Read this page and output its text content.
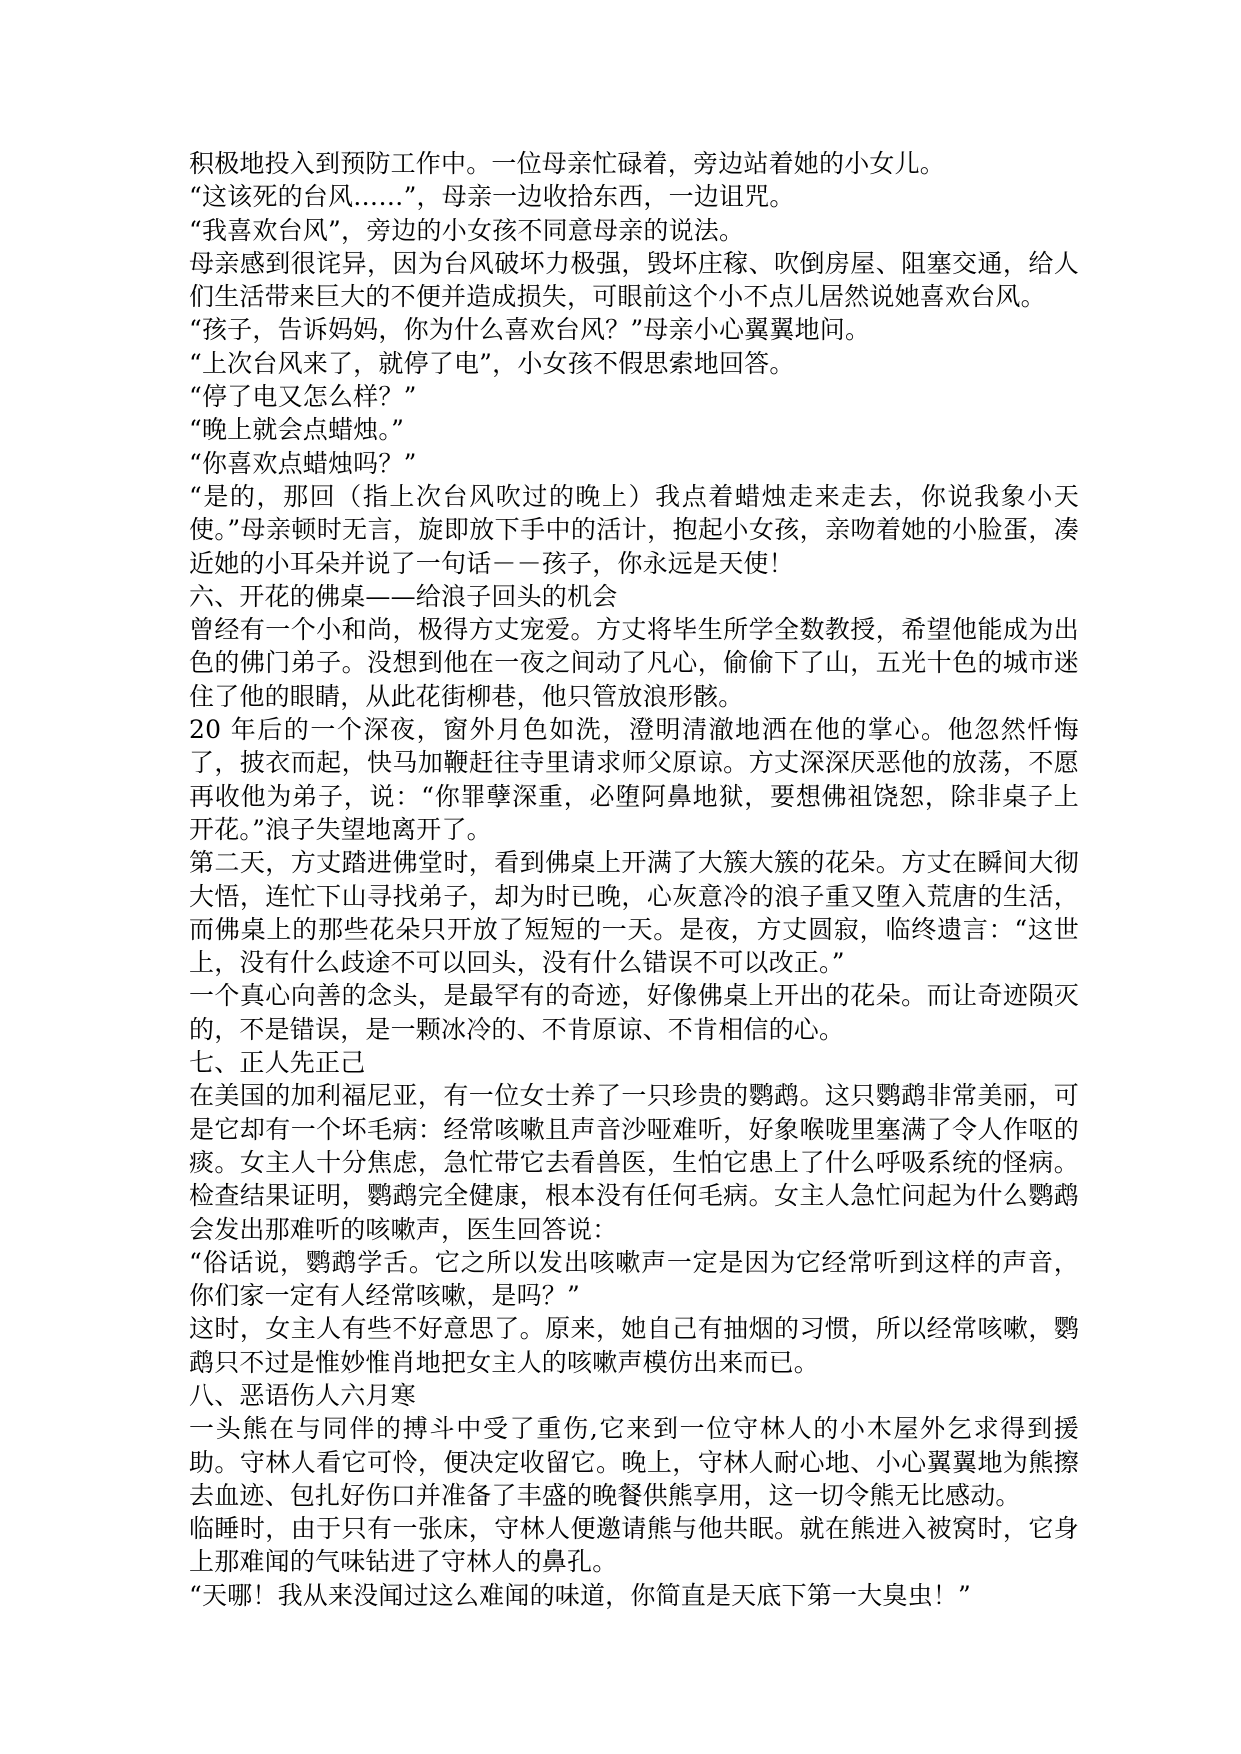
积极地投入到预防工作中。一位母亲忙碌着，旁边站着她的小女儿。

“这该死的台风……”，母亲一边收拾东西，一边诅咒。

“我喜欢台风”，旁边的小女孩不同意母亲的说法。

母亲感到很诧异，因为台风破坏力极强，毁坏庄稼、吹倒房屋、阻塞交通，给人们生活带来巨大的不便并造成损失，可眼前这个小不点儿居然说她喜欢台风。

“孩子，告诉妈妈，你为什么喜欢台风？”母亲小心翼翼地问。

“上次台风来了，就停了电”，小女孩不假思索地回答。

“停了电又怎么样？”

“晚上就会点蜡烛。”

“你喜欢点蜡烛吗？”

“是的，那回（指上次台风吹过的晚上）我点着蜡烛走来走去，你说我象小天使。”母亲顿时无言，旋即放下手中的活计，抱起小女孩，亲吻着她的小脸蛋，凑近她的小耳朵并说了一句话－－孩子，你永远是天使！

六、开花的佛桌——给浪子回头的机会

曾经有一个小和尚，极得方丈宠爱。方丈将毕生所学全数教授，希望他能成为出色的佛门弟子。没想到他在一夜之间动了凡心，偷偷下了山，五光十色的城市迷住了他的眼睛，从此花街柳巷，他只管放浪形骸。

20 年后的一个深夜，窗外月色如洗，澄明清澈地洒在他的掌心。他忽然忏悔了，披衣而起，快马加鞭赶往寺里请求师父原谅。方丈深深厌恶他的放荡，不愿再收他为弟子，说：“你罪孽深重，必堕阿鼻地狱，要想佛祖饶恕，除非桌子上开花。”浪子失望地离开了。

第二天，方丈踏进佛堂时，看到佛桌上开满了大簇大簇的花朵。方丈在瞬间大彻大悟，连忙下山寻找弟子，却为时已晚，心灰意冷的浪子重又堕入荒唐的生活，而佛桌上的那些花朵只开放了短短的一天。是夜，方丈圆寂，临终遗言：“这世上，没有什么歧途不可以回头，没有什么错误不可以改正。”

一个真心向善的念头，是最罕有的奇迹，好像佛桌上开出的花朵。而让奇迹陨灭的，不是错误，是一颗冰冷的、不肯原谅、不肯相信的心。

七、正人先正己

在美国的加利福尼亚，有一位女士养了一只珍贵的鹦鹉。这只鹦鹉非常美丽，可是它却有一个坏毛病：经常咳嗽且声音沙哑难听，好象喉咙里塞满了令人作呕的痰。女主人十分焦虑，急忙带它去看兽医，生怕它患上了什么呼吸系统的怪病。检查结果证明，鹦鹉完全健康，根本没有任何毛病。女主人急忙问起为什么鹦鹉会发出那难听的咳嗽声，医生回答说：

“俗话说，鹦鹉学舌。它之所以发出咳嗽声一定是因为它经常听到这样的声音，你们家一定有人经常咳嗽，是吗？”

这时，女主人有些不好意思了。原来，她自己有抽烟的习惯，所以经常咳嗽，鹦鹉只不过是惟妙惟肖地把女主人的咳嗽声模仿出来而已。

八、恶语伤人六月寒

一头熊在与同伴的搏斗中受了重伤,它来到一位守林人的小木屋外乞求得到援助。守林人看它可怜，便决定收留它。晚上，守林人耐心地、小心翼翼地为熊擦去血迹、包扎好伤口并准备了丰盛的晚餐供熊享用，这一切令熊无比感动。

临睡时，由于只有一张床，守林人便邀请熊与他共眠。就在熊进入被窝时，它身上那难闻的气味钻进了守林人的鼻孔。

“天哪！我从来没闻过这么难闻的味道，你简直是天底下第一大臭虫！”
